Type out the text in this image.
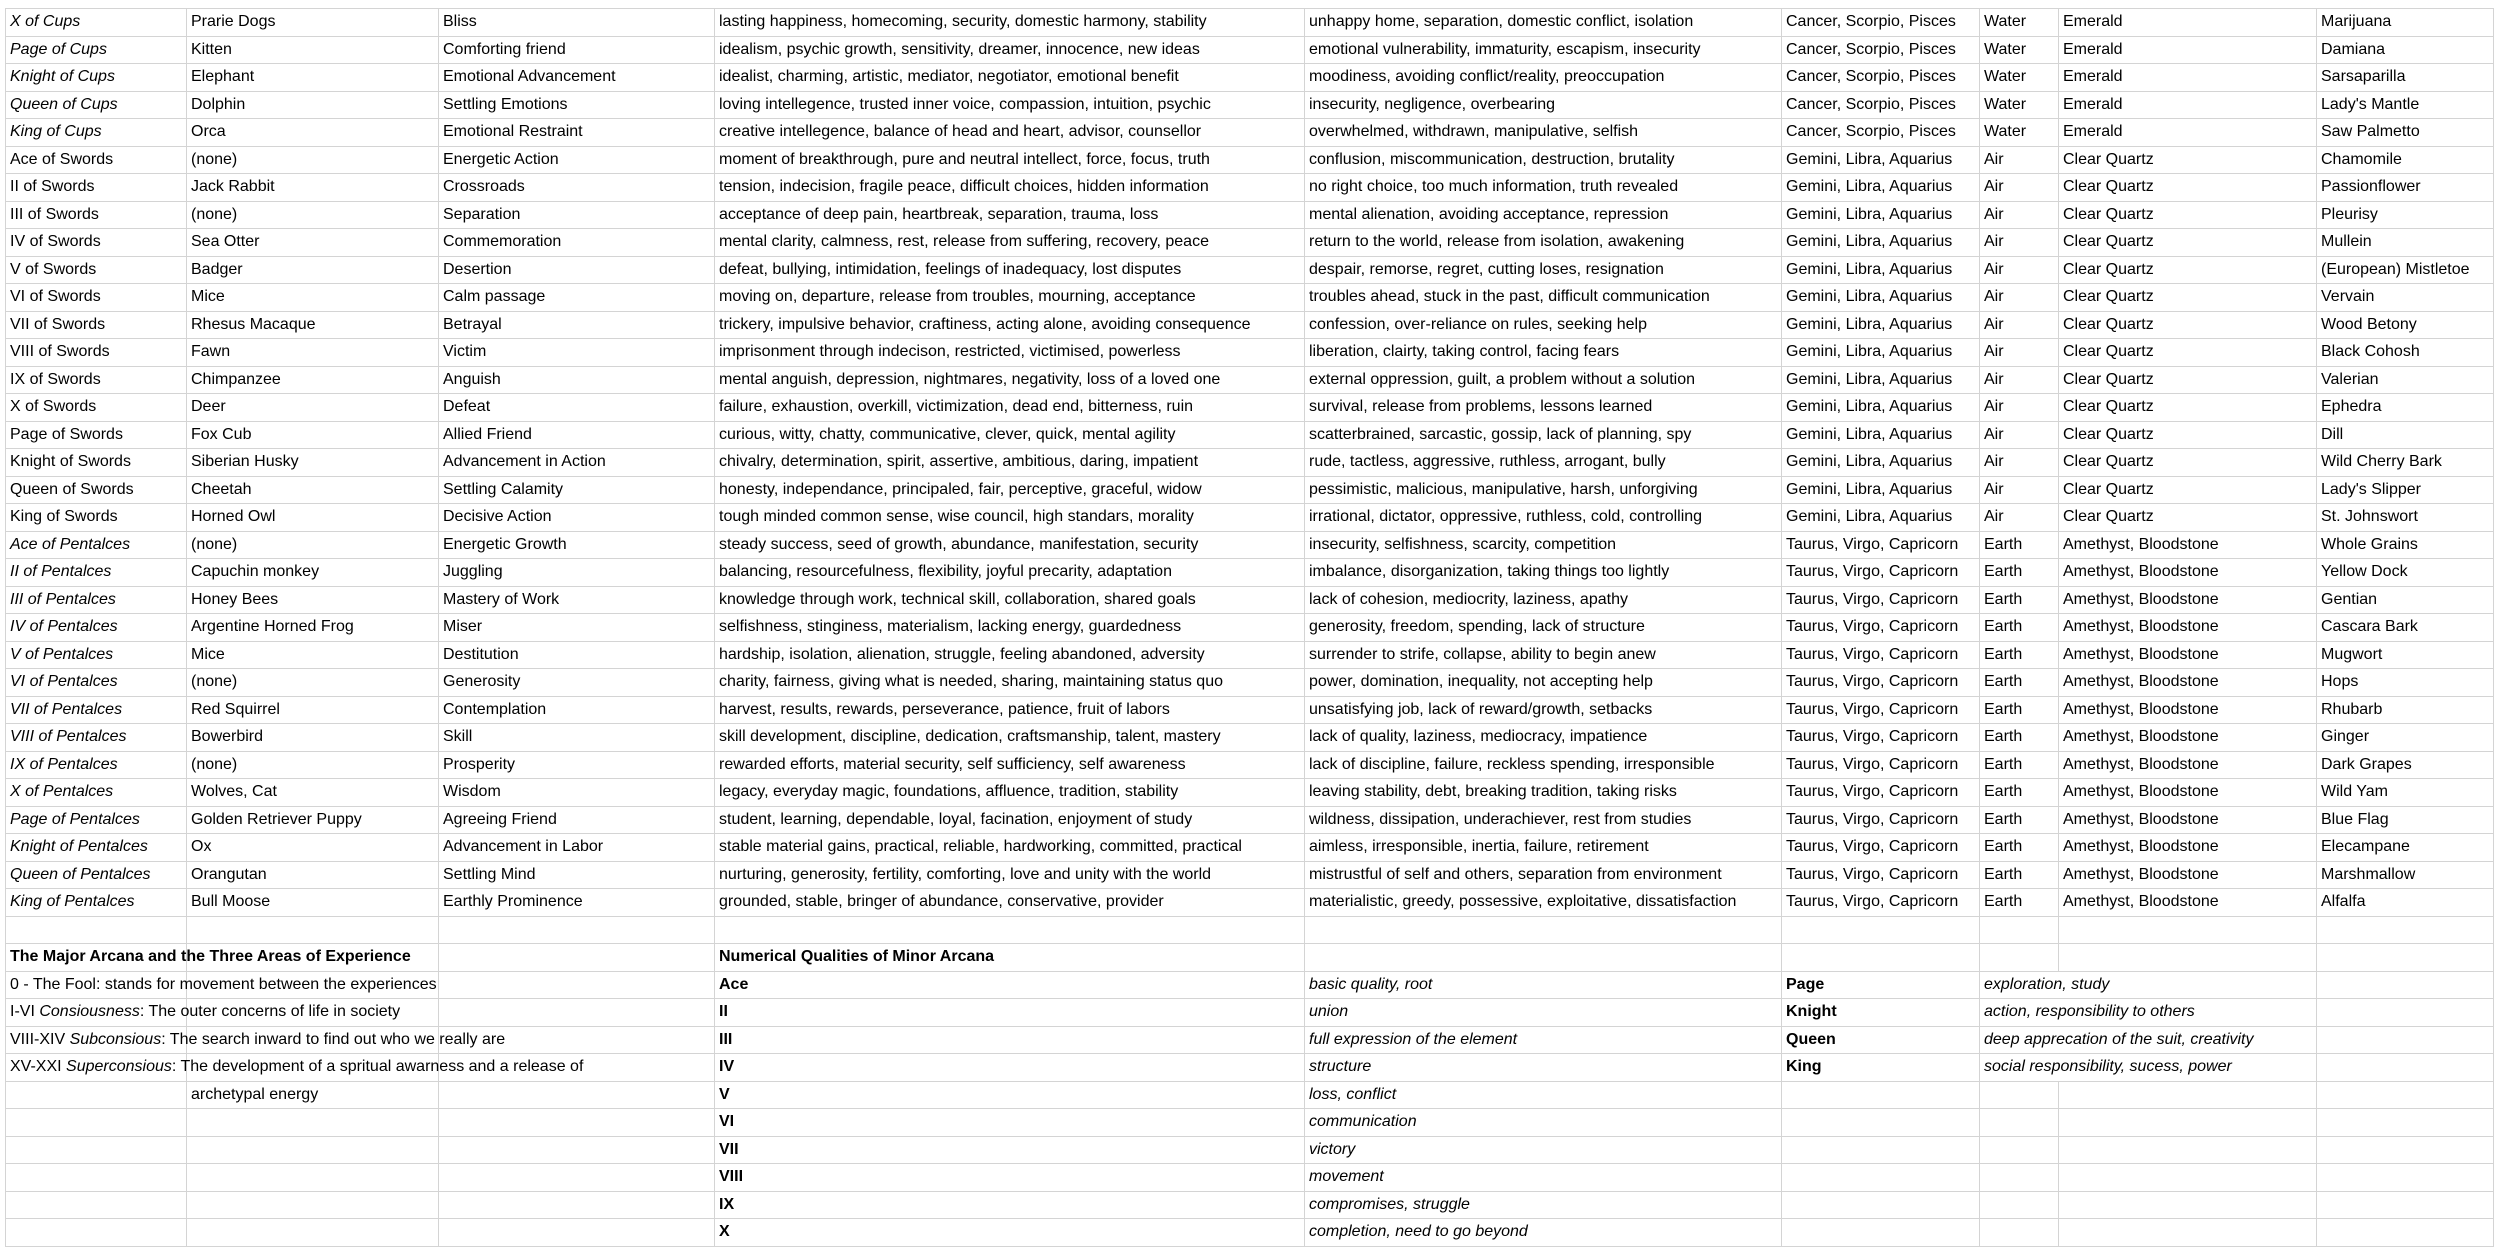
X of Cups	Prarie Dogs	Bliss	lasting happiness, homecoming, security, domestic harmony, stability	unhappy home, separation, domestic conflict, isolation	Cancer, Scorpio, Pisces	Water	Emerald	Marijuana
Page of Cups	Kitten	Comforting friend	idealism, psychic growth, sensitivity, dreamer, innocence, new ideas	emotional vulnerability, immaturity, escapism, insecurity	Cancer, Scorpio, Pisces	Water	Emerald	Damiana
Knight of Cups	Elephant	Emotional Advancement	idealist, charming, artistic, mediator, negotiator, emotional benefit	moodiness, avoiding conflict/reality, preoccupation	Cancer, Scorpio, Pisces	Water	Emerald	Sarsaparilla
Queen of Cups	Dolphin	Settling Emotions	loving intellegence, trusted inner voice, compassion, intuition, psychic	insecurity, negligence, overbearing	Cancer, Scorpio, Pisces	Water	Emerald	Lady's Mantle
King of Cups	Orca	Emotional Restraint	creative intellegence, balance of head and heart, advisor, counsellor	overwhelmed, withdrawn, manipulative, selfish	Cancer, Scorpio, Pisces	Water	Emerald	Saw Palmetto
Ace of Swords	(none)	Energetic Action	moment of breakthrough, pure and neutral intellect, force, focus, truth	conflusion, miscommunication, destruction, brutality	Gemini, Libra, Aquarius	Air	Clear Quartz	Chamomile
II of Swords	Jack Rabbit	Crossroads	tension, indecision, fragile peace, difficult choices, hidden information	no right choice, too much information, truth revealed	Gemini, Libra, Aquarius	Air	Clear Quartz	Passionflower
III of Swords	(none)	Separation	acceptance of deep pain, heartbreak, separation, trauma, loss	mental alienation, avoiding acceptance, repression	Gemini, Libra, Aquarius	Air	Clear Quartz	Pleurisy
IV of Swords	Sea Otter	Commemoration	mental clarity, calmness, rest, release from suffering, recovery, peace	return to the world, release from isolation, awakening	Gemini, Libra, Aquarius	Air	Clear Quartz	Mullein
V of Swords	Badger	Desertion	defeat, bullying, intimidation, feelings of inadequacy, lost disputes	despair, remorse, regret, cutting loses, resignation	Gemini, Libra, Aquarius	Air	Clear Quartz	(European) Mistletoe
VI of Swords	Mice	Calm passage	moving on, departure, release from troubles, mourning, acceptance	troubles ahead, stuck in the past, difficult communication	Gemini, Libra, Aquarius	Air	Clear Quartz	Vervain
VII of Swords	Rhesus Macaque	Betrayal	trickery, impulsive behavior, craftiness, acting alone, avoiding consequence	confession, over-reliance on rules, seeking help	Gemini, Libra, Aquarius	Air	Clear Quartz	Wood Betony
VIII of Swords	Fawn	Victim	imprisonment through indecison, restricted, victimised, powerless	liberation, clairty, taking control, facing fears	Gemini, Libra, Aquarius	Air	Clear Quartz	Black Cohosh
IX of Swords	Chimpanzee	Anguish	mental anguish, depression, nightmares, negativity, loss of a loved one	external oppression, guilt, a problem without a solution	Gemini, Libra, Aquarius	Air	Clear Quartz	Valerian
X of Swords	Deer	Defeat	failure, exhaustion, overkill, victimization, dead end, bitterness, ruin	survival, release from problems, lessons learned	Gemini, Libra, Aquarius	Air	Clear Quartz	Ephedra
Page of Swords	Fox Cub	Allied Friend	curious, witty, chatty, communicative, clever, quick, mental agility	scatterbrained, sarcastic, gossip, lack of planning, spy	Gemini, Libra, Aquarius	Air	Clear Quartz	Dill
Knight of Swords	Siberian Husky	Advancement in Action	chivalry, determination, spirit, assertive, ambitious, daring, impatient	rude, tactless, aggressive, ruthless, arrogant, bully	Gemini, Libra, Aquarius	Air	Clear Quartz	Wild Cherry Bark
Queen of Swords	Cheetah	Settling Calamity	honesty, independance, principaled, fair, perceptive, graceful, widow	pessimistic, malicious, manipulative, harsh, unforgiving	Gemini, Libra, Aquarius	Air	Clear Quartz	Lady's Slipper
King of Swords	Horned Owl	Decisive Action	tough minded common sense, wise council, high standars, morality	irrational, dictator, oppressive, ruthless, cold, controlling	Gemini, Libra, Aquarius	Air	Clear Quartz	St. Johnswort
Ace of Pentalces	(none)	Energetic Growth	steady success, seed of growth, abundance, manifestation, security	insecurity, selfishness, scarcity, competition	Taurus, Virgo, Capricorn	Earth	Amethyst, Bloodstone	Whole Grains
II of Pentalces	Capuchin monkey	Juggling	balancing, resourcefulness, flexibility, joyful precarity, adaptation	imbalance, disorganization, taking things too lightly	Taurus, Virgo, Capricorn	Earth	Amethyst, Bloodstone	Yellow Dock
III of Pentalces	Honey Bees	Mastery of Work	knowledge through work, technical skill, collaboration, shared goals	lack of cohesion, mediocrity, laziness, apathy	Taurus, Virgo, Capricorn	Earth	Amethyst, Bloodstone	Gentian
IV of Pentalces	Argentine Horned Frog	Miser	selfishness, stinginess, materialism, lacking energy, guardedness	generosity, freedom, spending, lack of structure	Taurus, Virgo, Capricorn	Earth	Amethyst, Bloodstone	Cascara Bark
V of Pentalces	Mice	Destitution	hardship, isolation, alienation, struggle, feeling abandoned, adversity	surrender to strife, collapse, ability to begin anew	Taurus, Virgo, Capricorn	Earth	Amethyst, Bloodstone	Mugwort
VI of Pentalces	(none)	Generosity	charity, fairness, giving what is needed, sharing, maintaining status quo	power, domination, inequality, not accepting help	Taurus, Virgo, Capricorn	Earth	Amethyst, Bloodstone	Hops
VII of Pentalces	Red Squirrel	Contemplation	harvest, results, rewards, perseverance, patience, fruit of labors	unsatisfying job, lack of reward/growth, setbacks	Taurus, Virgo, Capricorn	Earth	Amethyst, Bloodstone	Rhubarb
VIII of Pentalces	Bowerbird	Skill	skill development, discipline, dedication, craftsmanship, talent, mastery	lack of quality, laziness, mediocracy, impatience	Taurus, Virgo, Capricorn	Earth	Amethyst, Bloodstone	Ginger
IX of Pentalces	(none)	Prosperity	rewarded efforts, material security, self sufficiency, self awareness	lack of discipline, failure, reckless spending, irresponsible	Taurus, Virgo, Capricorn	Earth	Amethyst, Bloodstone	Dark Grapes
X of Pentalces	Wolves, Cat	Wisdom	legacy, everyday magic, foundations, affluence, tradition, stability	leaving stability, debt, breaking tradition, taking risks	Taurus, Virgo, Capricorn	Earth	Amethyst, Bloodstone	Wild Yam
Page of Pentalces	Golden Retriever Puppy	Agreeing Friend	student, learning, dependable, loyal, facination, enjoyment of study	wildness, dissipation, underachiever, rest from studies	Taurus, Virgo, Capricorn	Earth	Amethyst, Bloodstone	Blue Flag
Knight of Pentalces	Ox	Advancement in Labor	stable material gains, practical, reliable, hardworking, committed, practical	aimless, irresponsible, inertia, failure, retirement	Taurus, Virgo, Capricorn	Earth	Amethyst, Bloodstone	Elecampane
Queen of Pentalces	Orangutan	Settling Mind	nurturing, generosity, fertility, comforting, love and unity with the world	mistrustful of self and others, separation from environment	Taurus, Virgo, Capricorn	Earth	Amethyst, Bloodstone	Marshmallow
King of Pentalces	Bull Moose	Earthly Prominence	grounded, stable, bringer of abundance, conservative, provider	materialistic, greedy, possessive, exploitative, dissatisfaction	Taurus, Virgo, Capricorn	Earth	Amethyst, Bloodstone	Alfalfa

The Major Arcana and the Three Areas of Experience			Numerical Qualities of Minor Arcana					
0 - The Fool: stands for movement between the experiences			Ace	basic quality, root	Page	exploration, study		
I-VI Consiousness: The outer concerns of life in society			II	union	Knight	action, responsibility to others		
VIII-XIV Subconsious: The search inward to find out who we really are			III	full expression of the element	Queen	deep apprecation of the suit, creativity		
XV-XXI Superconsious: The development of a spritual awarness and a release of			IV	structure	King	social responsibility, sucess, power		
	archetypal energy		V	loss, conflict				
			VI	communication				
			VII	victory				
			VIII	movement				
			IX	compromises, struggle				
			X	completion, need to go beyond				
